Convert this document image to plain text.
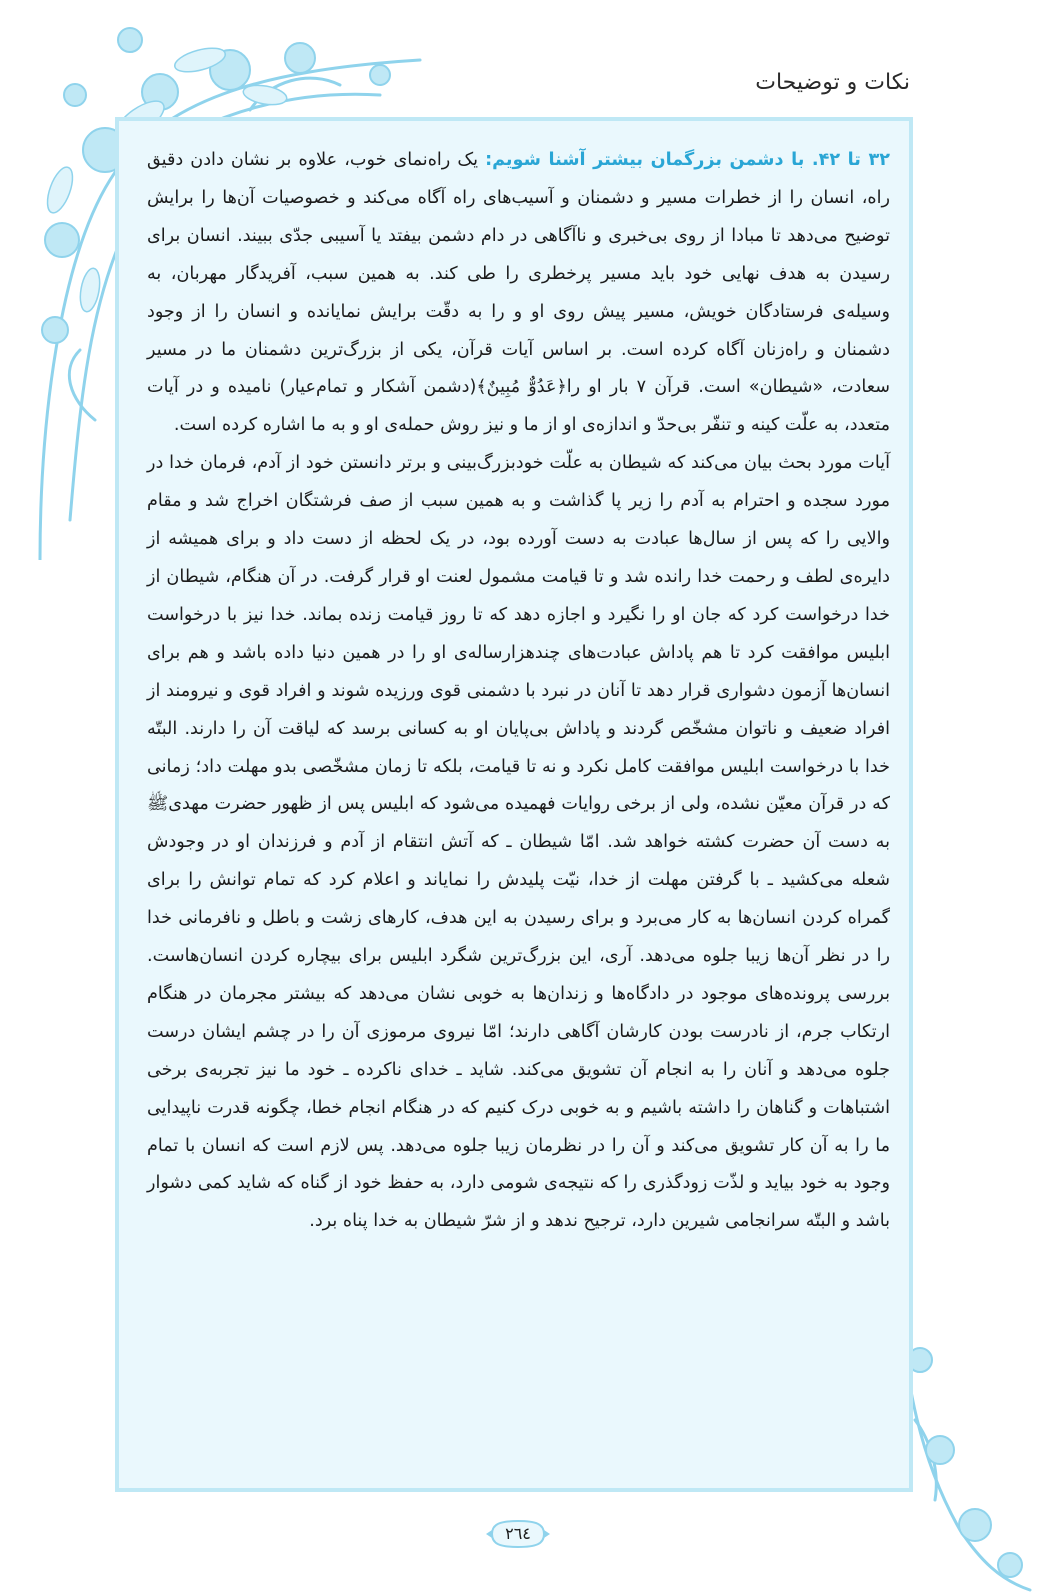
نکات و توضیحات

۳۲ تا ۴۲. با دشمن بزرگمان بیشتر آشنا شویم: یک راه‌نمای خوب، علاوه بر نشان دادن دقیق راه، انسان را از خطرات مسیر و دشمنان و آسیب‌های راه آگاه می‌کند و خصوصیات آن‌ها را برایش توضیح می‌دهد تا مبادا از روی بی‌خبری و ناآگاهی در دام دشمن بیفتد یا آسیبی جدّی ببیند. انسان برای رسیدن به هدف نهایی خود باید مسیر پرخطری را طی کند. به همین سبب، آفریدگار مهربان، به وسیله‌ی فرستادگان خویش، مسیر پیش روی او و را به دقّت برایش نمایانده و انسان را از وجود دشمنان و راه‌زنان آگاه کرده است. بر اساس آیات قرآن، یکی از بزرگ‌ترین دشمنان ما در مسیر سعادت، «شیطان» است. قرآن ۷ بار او را﴿عَدُوٌّ مُبِينٌ﴾(دشمن آشکار و تمام‌عیار) نامیده و در آیات متعدد، به علّت کینه و تنفّر بی‌حدّ و اندازه‌ی او از ما و نیز روش حمله‌ی او و به ما اشاره کرده است.

آیات مورد بحث بیان می‌کند که شیطان به علّت خودبزرگ‌بینی و برتر دانستن خود از آدم، فرمان خدا در مورد سجده و احترام به آدم را زیر پا گذاشت و به همین سبب از صف فرشتگان اخراج شد و مقام والایی را که پس از سال‌ها عبادت به دست آورده بود، در یک لحظه از دست داد و برای همیشه از دایره‌ی لطف و رحمت خدا رانده شد و تا قیامت مشمول لعنت او قرار گرفت. در آن هنگام، شیطان از خدا درخواست کرد که جان او را نگیرد و اجازه دهد که تا روز قیامت زنده بماند. خدا نیز با درخواست ابلیس موافقت کرد تا هم پاداش عبادت‌های چندهزارساله‌ی او را در همین دنیا داده باشد و هم برای انسان‌ها آزمون دشواری قرار دهد تا آنان در نبرد با دشمنی قوی ورزیده شوند و افراد قوی و نیرومند از افراد ضعیف و ناتوان مشخّص گردند و پاداش بی‌پایان او به کسانی برسد که لیاقت آن را دارند. البتّه خدا با درخواست ابلیس موافقت کامل نکرد و نه تا قیامت، بلکه تا زمان مشخّصی بدو مهلت داد؛ زمانی که در قرآن معیّن نشده، ولی از برخی روایات فهمیده می‌شود که ابلیس پس از ظهور حضرت مهدیﷺ به دست آن حضرت کشته خواهد شد. امّا شیطان ـ که آتش انتقام از آدم و فرزندان او در وجودش شعله می‌کشید ـ با گرفتن مهلت از خدا، نیّت پلیدش را نمایاند و اعلام کرد که تمام توانش را برای گمراه کردن انسان‌ها به کار می‌برد و برای رسیدن به این هدف، کارهای زشت و باطل و نافرمانی خدا را در نظر آن‌ها زیبا جلوه می‌دهد. آری، این بزرگ‌ترین شگرد ابلیس برای بیچاره کردن انسان‌هاست. بررسی پرونده‌های موجود در دادگاه‌ها و زندان‌ها به خوبی نشان می‌دهد که بیشتر مجرمان در هنگام ارتکاب جرم، از نادرست بودن کارشان آگاهی دارند؛ امّا نیروی مرموزی آن را در چشم ایشان درست جلوه می‌دهد و آنان را به انجام آن تشویق می‌کند. شاید ـ خدای ناکرده ـ خود ما نیز تجربه‌ی برخی اشتباهات و گناهان را داشته باشیم و به خوبی درک کنیم که در هنگام انجام خطا، چگونه قدرت ناپیدایی ما را به آن کار تشویق می‌کند و آن را در نظرمان زیبا جلوه می‌دهد. پس لازم است که انسان با تمام وجود به خود بیاید و لذّت زودگذری را که نتیجه‌ی شومی دارد، به حفظ خود از گناه که شاید کمی دشوار باشد و البتّه سرانجامی شیرین دارد، ترجیح ندهد و از شرّ شیطان به خدا پناه برد.

٢٦٤
